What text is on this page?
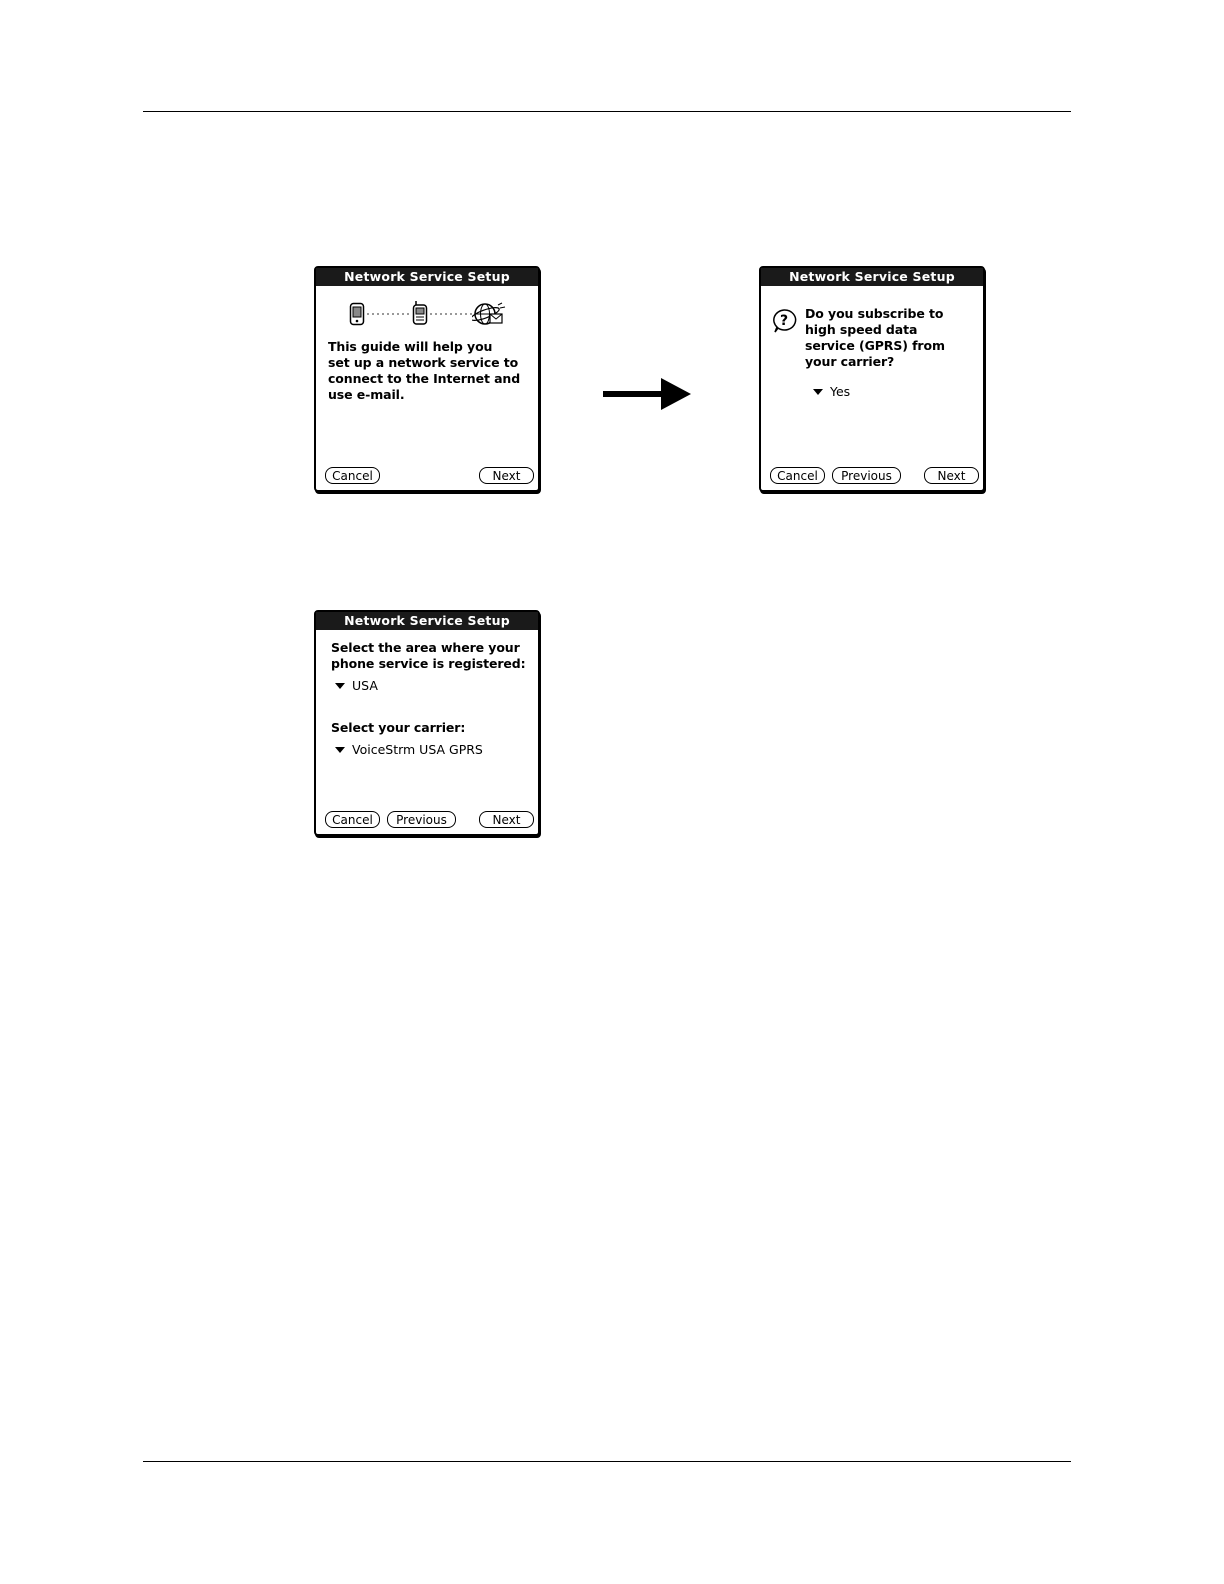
Network Service Setup
This guide will help you
set up a network service to
connect to the Internet and
use e-mail.
Cancel	Next
Network Service Setup
? Do you subscribe to
high speed data
service (GPRS) from
your carrier?
Yes
Cancel	Previous	Next
Network Service Setup
Select the area where your
phone service is registered:
USA
Select your carrier:
VoiceStrm USA GPRS
Cancel	Previous	Next
